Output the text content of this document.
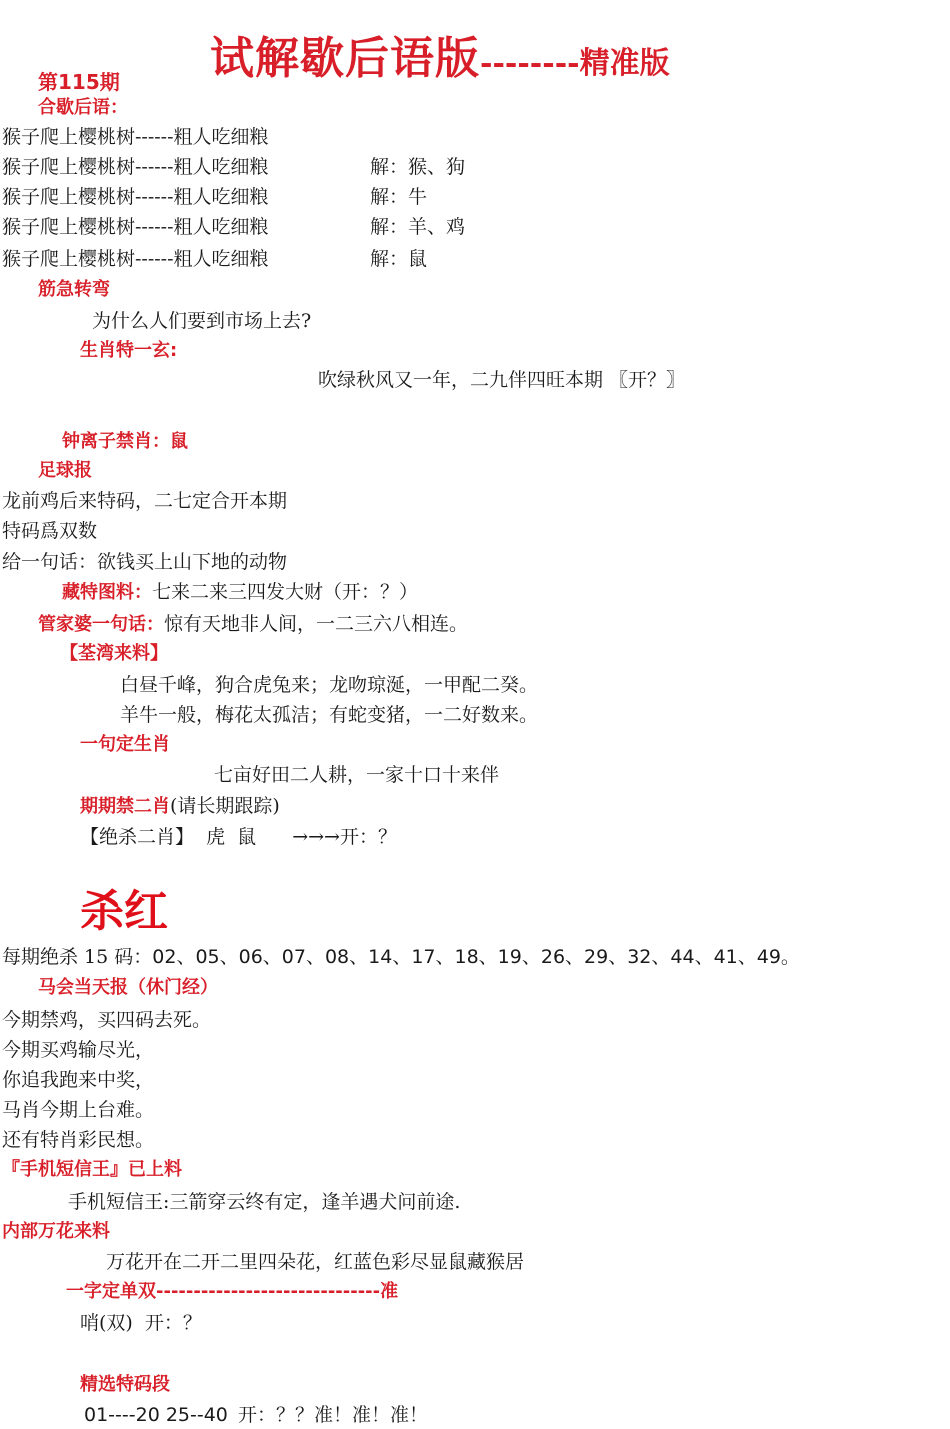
试解歇后语版--------精准版
第115期
合歇后语：
猴子爬上樱桃树------粗人吃细粮
猴子爬上樱桃树------粗人吃细粮	解：猴、狗
猴子爬上樱桃树------粗人吃细粮	解：牛
猴子爬上樱桃树------粗人吃细粮	解：羊、鸡
猴子爬上樱桃树------粗人吃细粮	解：鼠
筋急转弯
为什么人们要到市场上去?
生肖特一玄:
吹绿秋风又一年，二九伴四旺本期 〖开？〗
钟离子禁肖：鼠
足球报
龙前鸡后来特码，二七定合开本期
特码爲双数
给一句话：欲钱买上山下地的动物
藏特图料：七来二来三四发大财（开：？）
管家婆一句话：惊有天地非人间，一二三六八相连。
【荃湾来料】
白昼千峰，狗合虎兔来；龙吻琼涎，一甲配二癸。
羊牛一般，梅花太孤洁；有蛇变猪，一二好数来。
一句定生肖
七亩好田二人耕，一家十口十来伴
期期禁二肖(请长期跟踪)
【绝杀二肖】 虎  鼠 →→→开：？
杀红
每期绝杀 15 码：02、05、06、07、08、14、17、18、19、26、29、32、44、41、49。
马会当天报（休门经）
今期禁鸡，买四码去死。
今期买鸡输尽光，
你追我跑来中奖，
马肖今期上台难。
还有特肖彩民想。
『手机短信王』已上料
手机短信王:三箭穿云终有定，逢羊遇犬问前途.
内部万花来料
万花开在二开二里四朵花，红蓝色彩尽显鼠藏猴居
一字定单双------------------------------准
哨(双)  开：？
精选特码段
01----20 25--40 开：？？准！准！准！
